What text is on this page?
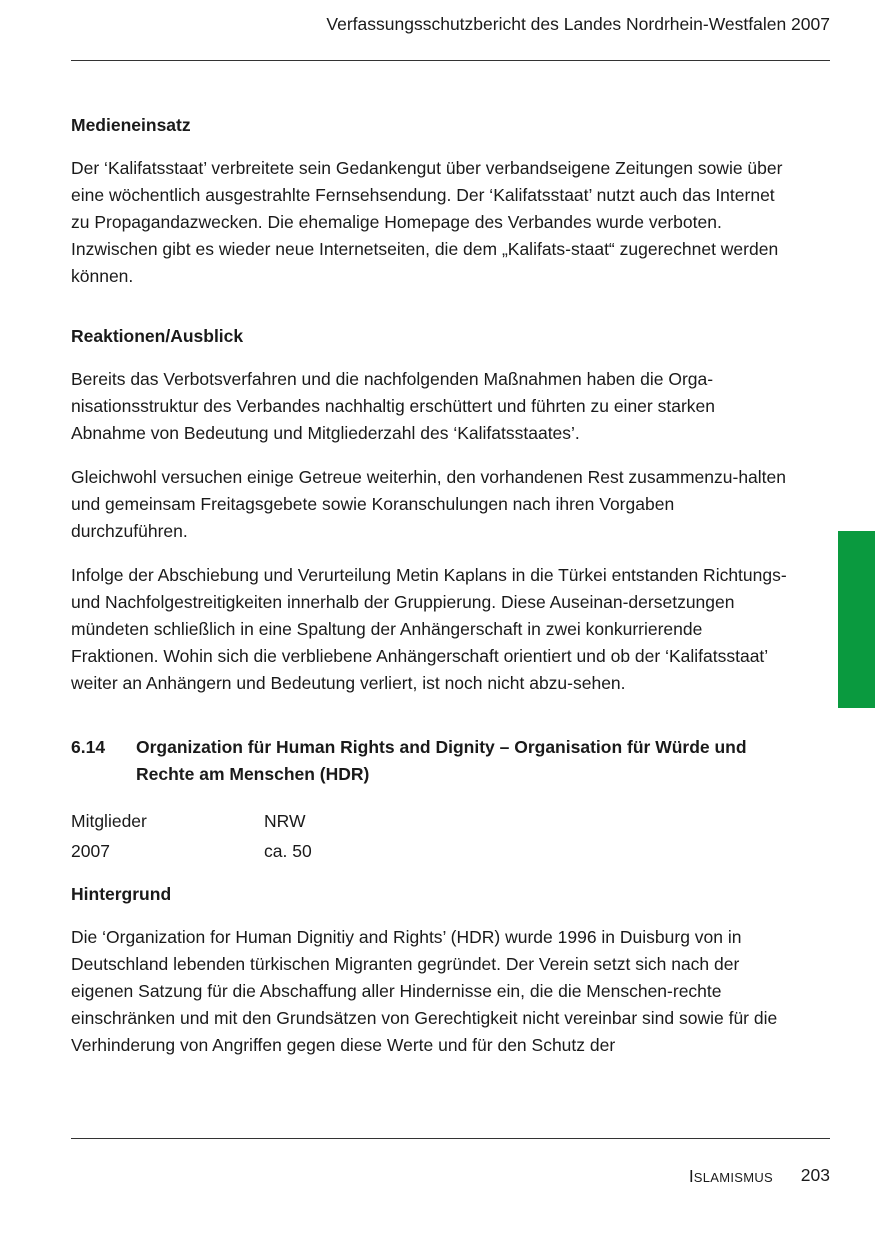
Verfassungsschutzbericht des Landes Nordrhein-Westfalen 2007
Medieneinsatz

Der ‘Kalifatsstaat’ verbreitete sein Gedankengut über verbandseigene Zeitungen sowie über eine wöchentlich ausgestrahlte Fernsehsendung. Der ‘Kalifatsstaat’ nutzt auch das Internet zu Propagandazwecken. Die ehemalige Homepage des Verbandes wurde verboten. Inzwischen gibt es wieder neue Internetseiten, die dem „Kalifats-staat“ zugerechnet werden können.

Reaktionen/Ausblick

Bereits das Verbotsverfahren und die nachfolgenden Maßnahmen haben die Orga-nisationsstruktur des Verbandes nachhaltig erschüttert und führten zu einer starken Abnahme von Bedeutung und Mitgliederzahl des ‘Kalifatsstaates’.

Gleichwohl versuchen einige Getreue weiterhin, den vorhandenen Rest zusammenzu-halten und gemeinsam Freitagsgebete sowie Koranschulungen nach ihren Vorgaben durchzuführen.

Infolge der Abschiebung und Verurteilung Metin Kaplans in die Türkei entstanden Richtungs- und Nachfolgestreitigkeiten innerhalb der Gruppierung. Diese Auseinan-dersetzungen mündeten schließlich in eine Spaltung der Anhängerschaft in zwei konkurrierende Fraktionen. Wohin sich die verbliebene Anhängerschaft orientiert und ob der ‘Kalifatsstaat’ weiter an Anhängern und Bedeutung verliert, ist noch nicht abzu-sehen.

6.14	Organization für Human Rights and Dignity – Organisation für Würde und Rechte am Menschen (HDR)
Mitglieder	NRW
2007	ca. 50
Hintergrund

Die ‘Organization for Human Dignitiy and Rights’ (HDR) wurde 1996 in Duisburg von in Deutschland lebenden türkischen Migranten gegründet. Der Verein setzt sich nach der eigenen Satzung für die Abschaffung aller Hindernisse ein, die die Menschen-rechte einschränken und mit den Grundsätzen von Gerechtigkeit nicht vereinbar sind sowie für die Verhinderung von Angriffen gegen diese Werte und für den Schutz der

ISLAMISMUS 203
